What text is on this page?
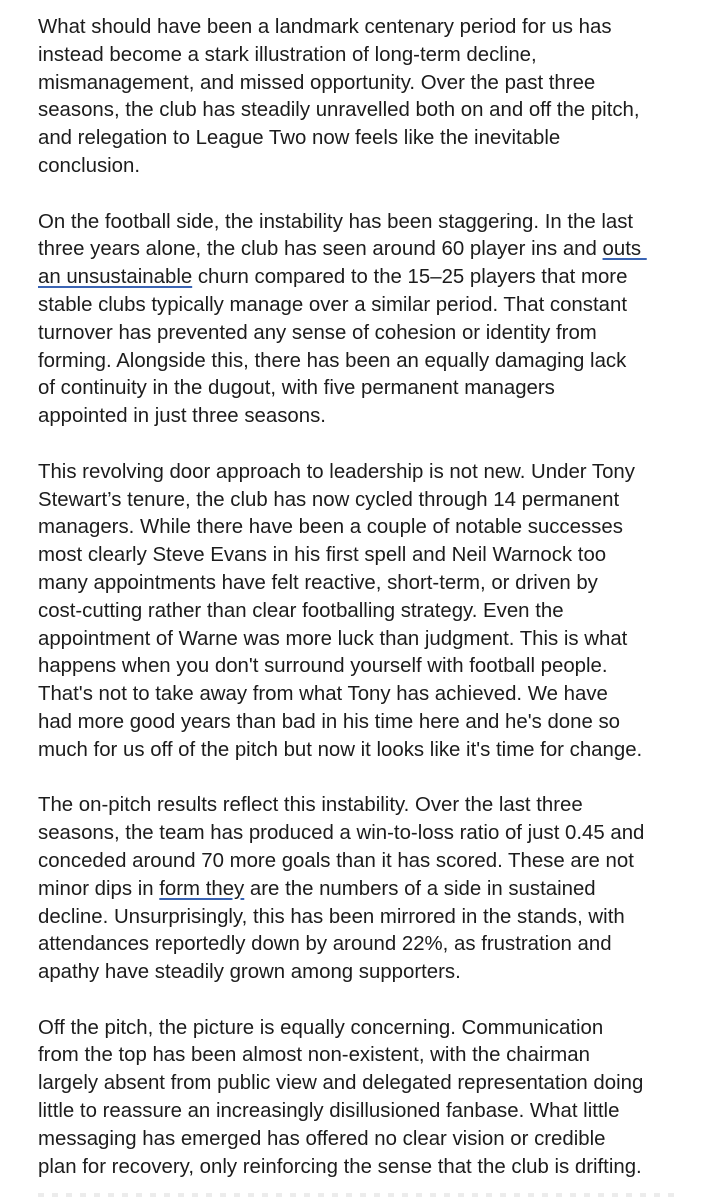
What should have been a landmark centenary period for us has
instead become a stark illustration of long-term decline,
mismanagement, and missed opportunity. Over the past three
seasons, the club has steadily unravelled both on and off the pitch,
and relegation to League Two now feels like the inevitable
conclusion.

On the football side, the instability has been staggering. In the last
three years alone, the club has seen around 60 player ins and outs
an unsustainable churn compared to the 15–25 players that more
stable clubs typically manage over a similar period. That constant
turnover has prevented any sense of cohesion or identity from
forming. Alongside this, there has been an equally damaging lack
of continuity in the dugout, with five permanent managers
appointed in just three seasons.

This revolving door approach to leadership is not new. Under Tony
Stewart’s tenure, the club has now cycled through 14 permanent
managers. While there have been a couple of notable successes
most clearly Steve Evans in his first spell and Neil Warnock too
many appointments have felt reactive, short-term, or driven by
cost-cutting rather than clear footballing strategy. Even the
appointment of Warne was more luck than judgment. This is what
happens when you don't surround yourself with football people.
That's not to take away from what Tony has achieved. We have
had more good years than bad in his time here and he's done so
much for us off of the pitch but now it looks like it's time for change.

The on-pitch results reflect this instability. Over the last three
seasons, the team has produced a win-to-loss ratio of just 0.45 and
conceded around 70 more goals than it has scored. These are not
minor dips in form they are the numbers of a side in sustained
decline. Unsurprisingly, this has been mirrored in the stands, with
attendances reportedly down by around 22%, as frustration and
apathy have steadily grown among supporters.

Off the pitch, the picture is equally concerning. Communication
from the top has been almost non-existent, with the chairman
largely absent from public view and delegated representation doing
little to reassure an increasingly disillusioned fanbase. What little
messaging has emerged has offered no clear vision or credible
plan for recovery, only reinforcing the sense that the club is drifting.
